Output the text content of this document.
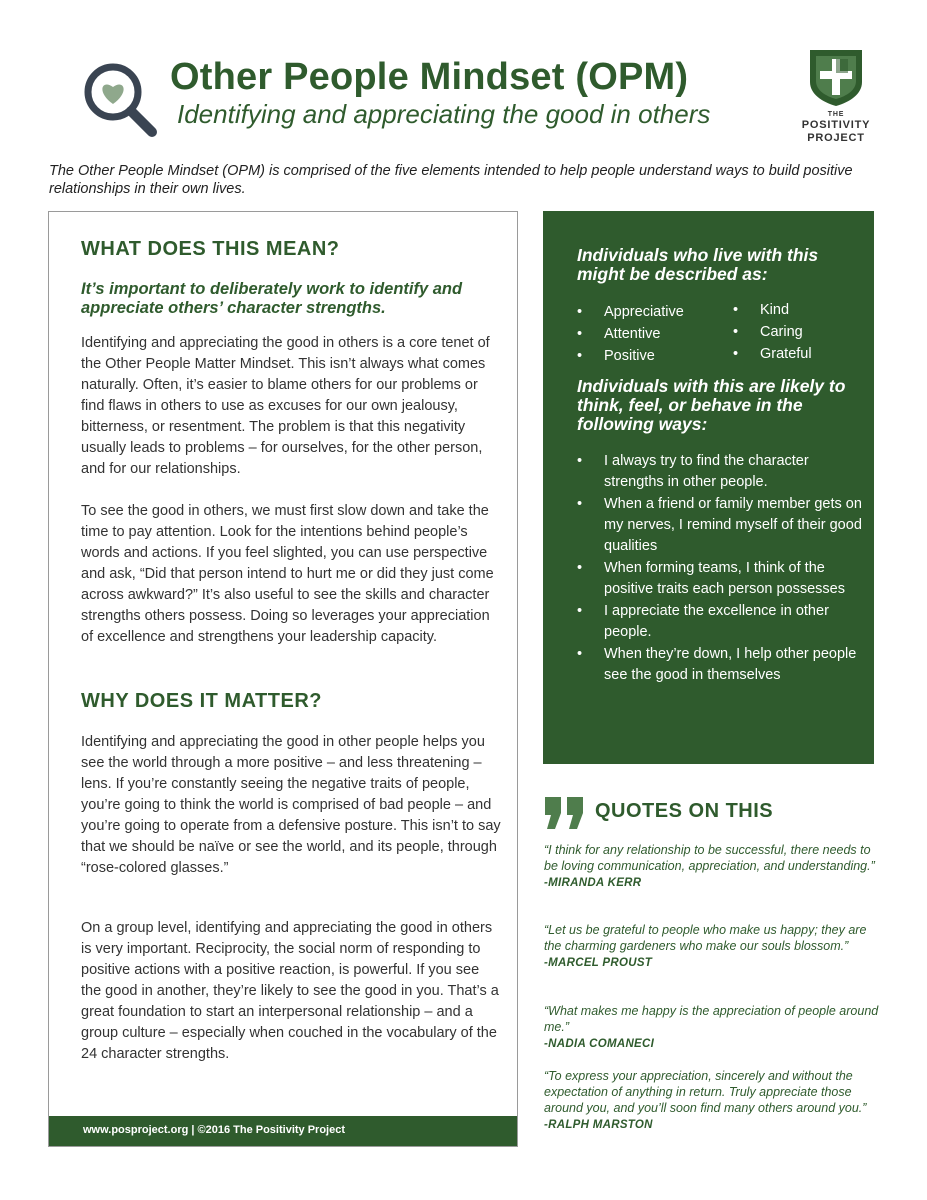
Other People Mindset (OPM)
Identifying and appreciating the good in others	THE
POSITIVITY
PROJECT
The Other People Mindset (OPM) is comprised of the five elements intended to help people understand ways to build positive relationships in their own lives.
WHAT DOES THIS MEAN?
It’s important to deliberately work to identify and appreciate others’ character strengths.
Identifying and appreciating the good in others is a core tenet of the Other People Matter Mindset. This isn’t always what comes naturally. Often, it’s easier to blame others for our problems or find flaws in others to use as excuses for our own jealousy, bitterness, or resentment. The problem is that this negativity usually leads to problems – for ourselves, for the other person, and for our relationships.
To see the good in others, we must first slow down and take the time to pay attention. Look for the intentions behind people’s words and actions. If you feel slighted, you can use perspective and ask, “Did that person intend to hurt me or did they just come across awkward?” It’s also useful to see the skills and character strengths others possess. Doing so leverages your appreciation of excellence and strengthens your leadership capacity.
WHY DOES IT MATTER?
Identifying and appreciating the good in other people helps you see the world through a more positive – and less threatening – lens. If you’re constantly seeing the negative traits of people, you’re going to think the world is comprised of bad people – and you’re going to operate from a defensive posture. This isn’t to say that we should be naïve or see the world, and its people, through “rose-colored glasses.”
On a group level, identifying and appreciating the good in others is very important. Reciprocity, the social norm of responding to positive actions with a positive reaction, is powerful. If you see the good in another, they’re likely to see the good in you. That’s a great foundation to start an interpersonal relationship – and a group culture – especially when couched in the vocabulary of the 24 character strengths.
www.posproject.org | ©2016 The Positivity Project
Individuals who live with this might be described as:
• Appreciative
• Attentive
• Positive
• Kind
• Caring
• Grateful
Individuals with this are likely to think, feel, or behave in the following ways:
• I always try to find the character strengths in other people.
• When a friend or family member gets on my nerves, I remind myself of their good qualities
• When forming teams, I think of the positive traits each person possesses
• I appreciate the excellence in other people.
• When they’re down, I help other people see the good in themselves
QUOTES ON THIS
“I think for any relationship to be successful, there needs to be loving communication, appreciation, and understanding.”
-MIRANDA KERR
“Let us be grateful to people who make us happy; they are the charming gardeners who make our souls blossom.”
-MARCEL PROUST
“What makes me happy is the appreciation of people around me.”
-NADIA COMANECI
“To express your appreciation, sincerely and without the expectation of anything in return. Truly appreciate those around you, and you’ll soon find many others around you.”
-RALPH MARSTON
